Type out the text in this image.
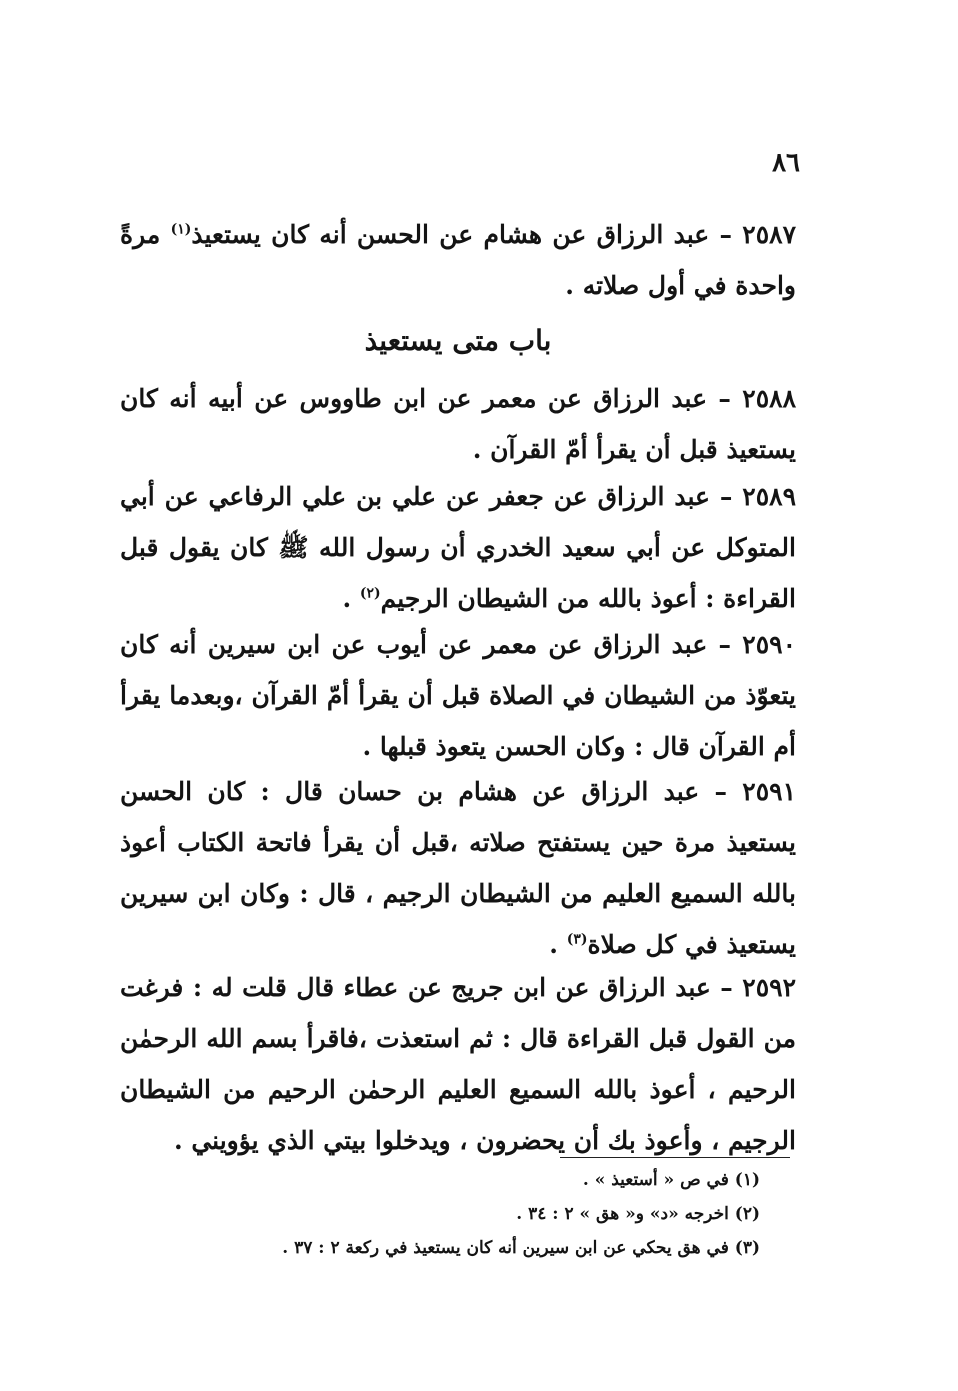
٨٦
٢٥٨٧ – عبد الرزاق عن هشام عن الحسن أنه كان يستعيذ$^{(١)}$ مرةً واحدة في أول صلاته .
باب متى يستعيذ
٢٥٨٨ – عبد الرزاق عن معمر عن ابن طاووس عن أبيه أنه كان يستعيذ قبل أن يقرأ أمّ القرآن .
٢٥٨٩ – عبد الرزاق عن جعفر عن علي بن علي الرفاعي عن أبي المتوكل عن أبي سعيد الخدري أن رسول الله ﷺ كان يقول قبل القراءة : أعوذ بالله من الشيطان الرجيم$^{(٢)}$ .
٢٥٩٠ – عبد الرزاق عن معمر عن أيوب عن ابن سيرين أنه كان يتعوّذ من الشيطان في الصلاة قبل أن يقرأ أمّ القرآن ،وبعدما يقرأ أم القرآن قال : وكان الحسن يتعوذ قبلها .
٢٥٩١ – عبد الرزاق عن هشام بن حسان قال : كان الحسن يستعيذ مرة حين يستفتح صلاته ،قبل أن يقرأ فاتحة الكتاب أعوذ بالله السميع العليم من الشيطان الرجيم ، قال : وكان ابن سيرين يستعيذ في كل صلاة$^{(٣)}$ .
٢٥٩٢ – عبد الرزاق عن ابن جريج عن عطاء قال قلت له : فرغت من القول قبل القراءة قال : ثم استعذت ،فاقرأ بسم الله الرحمٰن الرحيم ، أعوذ بالله السميع العليم الرحمٰن الرحيم من الشيطان الرجيم ، وأعوذ بك أن يحضرون ، ويدخلوا بيتي الذي يؤويني .
(١) في ص « أستعيذ » .
(٢) اخرجه «د» و« هق » ٢ : ٣٤ .
(٣) في هق يحكي عن ابن سيرين أنه كان يستعيذ في ركعة ٢ : ٣٧ .
